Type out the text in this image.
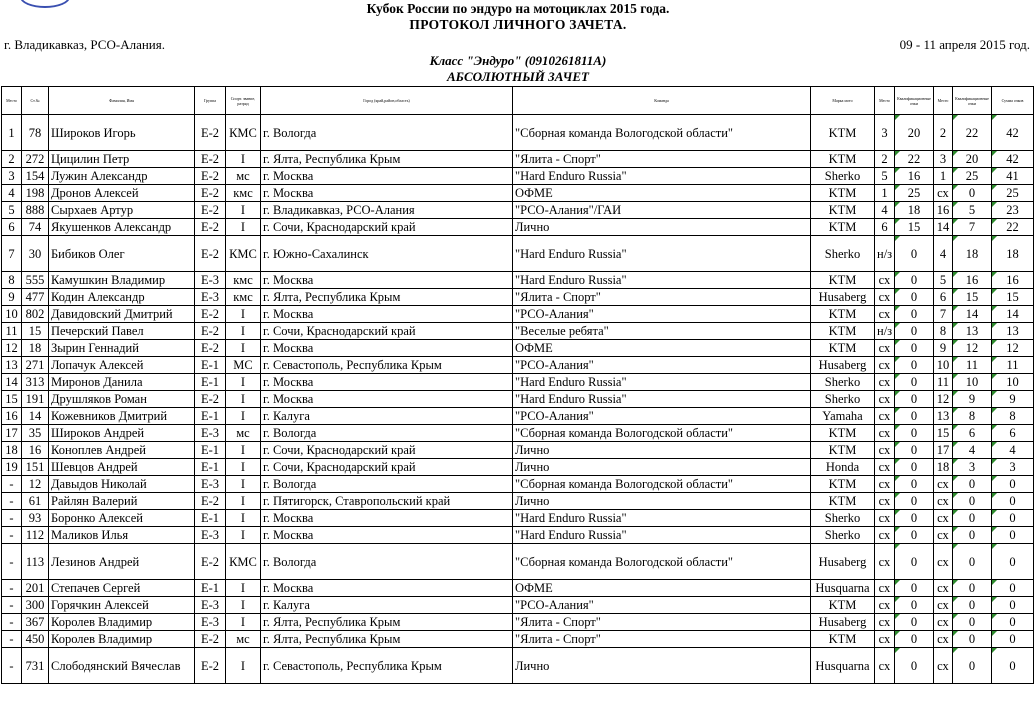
Кубок России по эндуро на мотоциклах 2015 года.
ПРОТОКОЛ ЛИЧНОГО ЗАЧЕТА.
г. Владикавказ, РСО-Алания.	09 - 11 апреля 2015 год.
Класс "Эндуро" (0910261811А)
АБСОЛЮТНЫЙ ЗАЧЕТ
Место	Ст.№	Фамилия, Имя	Группа	Спорт. звание, разряд	Город (край,район,область)	Команда	Марка мото	Место	Квалификационные очки	Место	Квалификационные очки	Сумма очков
1	78	Широков Игорь	E-2	КМС	г. Вологда	"Сборная команда Вологодской области"	KTM	3	20	2	22	42
2	272	Цицилин Петр	E-2	I	г. Ялта, Республика Крым	"Ялита - Спорт"	KTM	2	22	3	20	42
3	154	Лужин Александр	E-2	мс	г. Москва	"Hard Enduro Russia"	Sherko	5	16	1	25	41
4	198	Дронов Алексей	E-2	кмс	г. Москва	ОФМЕ	KTM	1	25	сх	0	25
5	888	Сырхаев Артур	E-2	I	г. Владикавказ, РСО-Алания	"РСО-Алания"/ГАИ	KTM	4	18	16	5	23
6	74	Якушенков Александр	E-2	I	г. Сочи, Краснодарский край	Лично	KTM	6	15	14	7	22
7	30	Бибиков Олег	E-2	КМС	г. Южно-Сахалинск	"Hard Enduro Russia"	Sherko	н/з	0	4	18	18
8	555	Камушкин Владимир	E-3	кмс	г. Москва	"Hard Enduro Russia"	KTM	сх	0	5	16	16
9	477	Кодин Александр	E-3	кмс	г. Ялта, Республика Крым	"Ялита - Спорт"	Husaberg	сх	0	6	15	15
10	802	Давидовский Дмитрий	E-2	I	г. Москва	"РСО-Алания"	KTM	сх	0	7	14	14
11	15	Печерский Павел	E-2	I	г. Сочи, Краснодарский край	"Веселые ребята"	KTM	н/з	0	8	13	13
12	18	Зырин Геннадий	E-2	I	г. Москва	ОФМЕ	KTM	сх	0	9	12	12
13	271	Лопачук Алексей	E-1	МС	г. Севастополь, Республика Крым	"РСО-Алания"	Husaberg	сх	0	10	11	11
14	313	Миронов Данила	E-1	I	г. Москва	"Hard Enduro Russia"	Sherko	сх	0	11	10	10
15	191	Друшляков Роман	E-2	I	г. Москва	"Hard Enduro Russia"	Sherko	сх	0	12	9	9
16	14	Кожевников Дмитрий	E-1	I	г. Калуга	"РСО-Алания"	Yamaha	сх	0	13	8	8
17	35	Широков Андрей	E-3	мс	г. Вологда	"Сборная команда Вологодской области"	KTM	сх	0	15	6	6
18	16	Коноплев Андрей	E-1	I	г. Сочи, Краснодарский край	Лично	KTM	сх	0	17	4	4
19	151	Шевцов Андрей	E-1	I	г. Сочи, Краснодарский край	Лично	Honda	сх	0	18	3	3
-	12	Давыдов Николай	E-3	I	г. Вологда	"Сборная команда Вологодской области"	KTM	сх	0	сх	0	0
-	61	Райлян Валерий	E-2	I	г. Пятигорск, Ставропольский край	Лично	KTM	сх	0	сх	0	0
-	93	Боронко Алексей	E-1	I	г. Москва	"Hard Enduro Russia"	Sherko	сх	0	сх	0	0
-	112	Маликов Илья	E-3	I	г. Москва	"Hard Enduro Russia"	Sherko	сх	0	сх	0	0
-	113	Лезинов Андрей	E-2	КМС	г. Вологда	"Сборная команда Вологодской области"	Husaberg	сх	0	сх	0	0
-	201	Степачев Сергей	E-1	I	г. Москва	ОФМЕ	Husquarna	сх	0	сх	0	0
-	300	Горячкин Алексей	E-3	I	г. Калуга	"РСО-Алания"	KTM	сх	0	сх	0	0
-	367	Королев Владимир	E-3	I	г. Ялта, Республика Крым	"Ялита - Спорт"	Husaberg	сх	0	сх	0	0
-	450	Королев Владимир	E-2	мс	г. Ялта, Республика Крым	"Ялита - Спорт"	KTM	сх	0	сх	0	0
-	731	Слободянский Вячеслав	E-2	I	г. Севастополь, Республика Крым	Лично	Husquarna	сх	0	сх	0	0
